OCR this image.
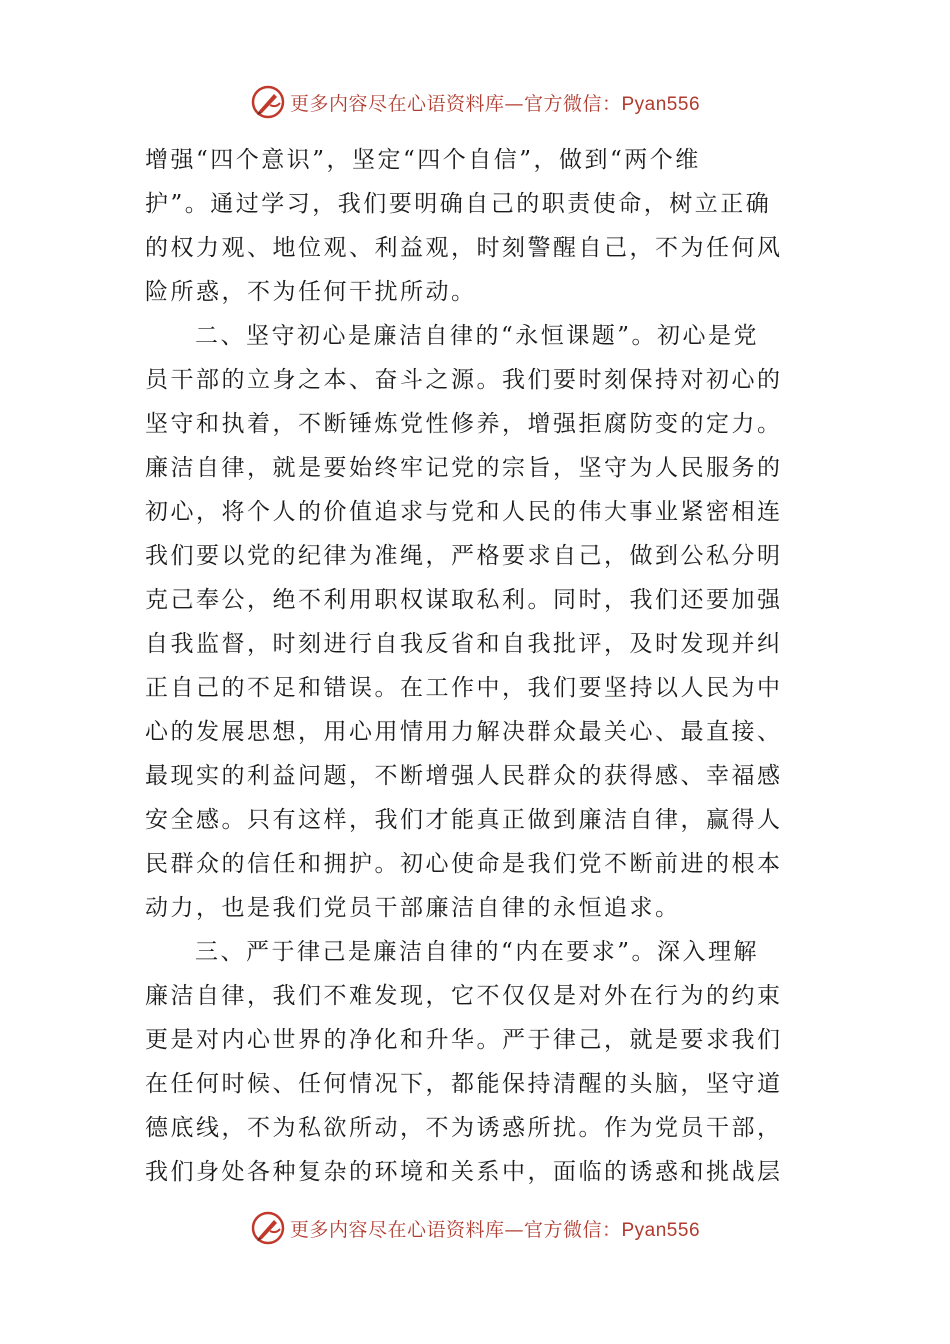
更多内容尽在心语资料库—官方微信：Pyan556
增强“四个意识”，坚定“四个自信”，做到“两个维
护”。通过学习，我们要明确自己的职责使命，树立正确
的权力观、地位观、利益观，时刻警醒自己，不为任何风
险所惑，不为任何干扰所动。
二、坚守初心是廉洁自律的“永恒课题”。初心是党
员干部的立身之本、奋斗之源。我们要时刻保持对初心的
坚守和执着，不断锤炼党性修养，增强拒腐防变的定力。
廉洁自律，就是要始终牢记党的宗旨，坚守为人民服务的
初心，将个人的价值追求与党和人民的伟大事业紧密相连
我们要以党的纪律为准绳，严格要求自己，做到公私分明
克己奉公，绝不利用职权谋取私利。同时，我们还要加强
自我监督，时刻进行自我反省和自我批评，及时发现并纠
正自己的不足和错误。在工作中，我们要坚持以人民为中
心的发展思想，用心用情用力解决群众最关心、最直接、
最现实的利益问题，不断增强人民群众的获得感、幸福感
安全感。只有这样，我们才能真正做到廉洁自律，赢得人
民群众的信任和拥护。初心使命是我们党不断前进的根本
动力，也是我们党员干部廉洁自律的永恒追求。
三、严于律己是廉洁自律的“内在要求”。深入理解
廉洁自律，我们不难发现，它不仅仅是对外在行为的约束
更是对内心世界的净化和升华。严于律己，就是要求我们
在任何时候、任何情况下，都能保持清醒的头脑，坚守道
德底线，不为私欲所动，不为诱惑所扰。作为党员干部，
我们身处各种复杂的环境和关系中，面临的诱惑和挑战层
更多内容尽在心语资料库—官方微信：Pyan556
